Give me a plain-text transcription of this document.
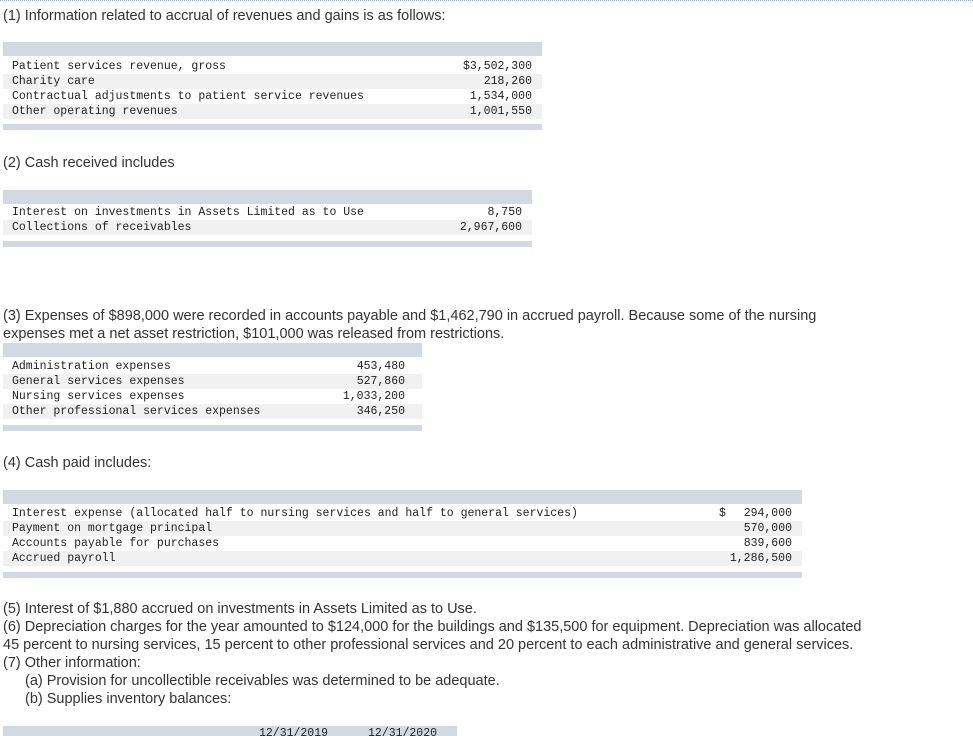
(1) Information related to accrual of revenues and gains is as follows:

Patient services revenue, gross	$3,502,300
Charity care	218,260
Contractual adjustments to patient service revenues	1,534,000
Other operating revenues	1,001,550

(2) Cash received includes

Interest on investments in Assets Limited as to Use	8,750
Collections of receivables	2,967,600

(3) Expenses of $898,000 were recorded in accounts payable and $1,462,790 in accrued payroll. Because some of the nursing

expenses met a net asset restriction, $101,000 was released from restrictions.

Administration expenses	453,480
General services expenses	527,860
Nursing services expenses	1,033,200
Other professional services expenses	346,250

(4) Cash paid includes:

Interest expense (allocated half to nursing services and half to general services)	$ 294,000
Payment on mortgage principal	570,000
Accounts payable for purchases	839,600
Accrued payroll	1,286,500

(5) Interest of $1,880 accrued on investments in Assets Limited as to Use.

(6) Depreciation charges for the year amounted to $124,000 for the buildings and $135,500 for equipment. Depreciation was allocated

45 percent to nursing services, 15 percent to other professional services and 20 percent to each administrative and general services.

(7) Other information:

(a) Provision for uncollectible receivables was determined to be adequate.

(b) Supplies inventory balances:

12/31/2019	12/31/2020
